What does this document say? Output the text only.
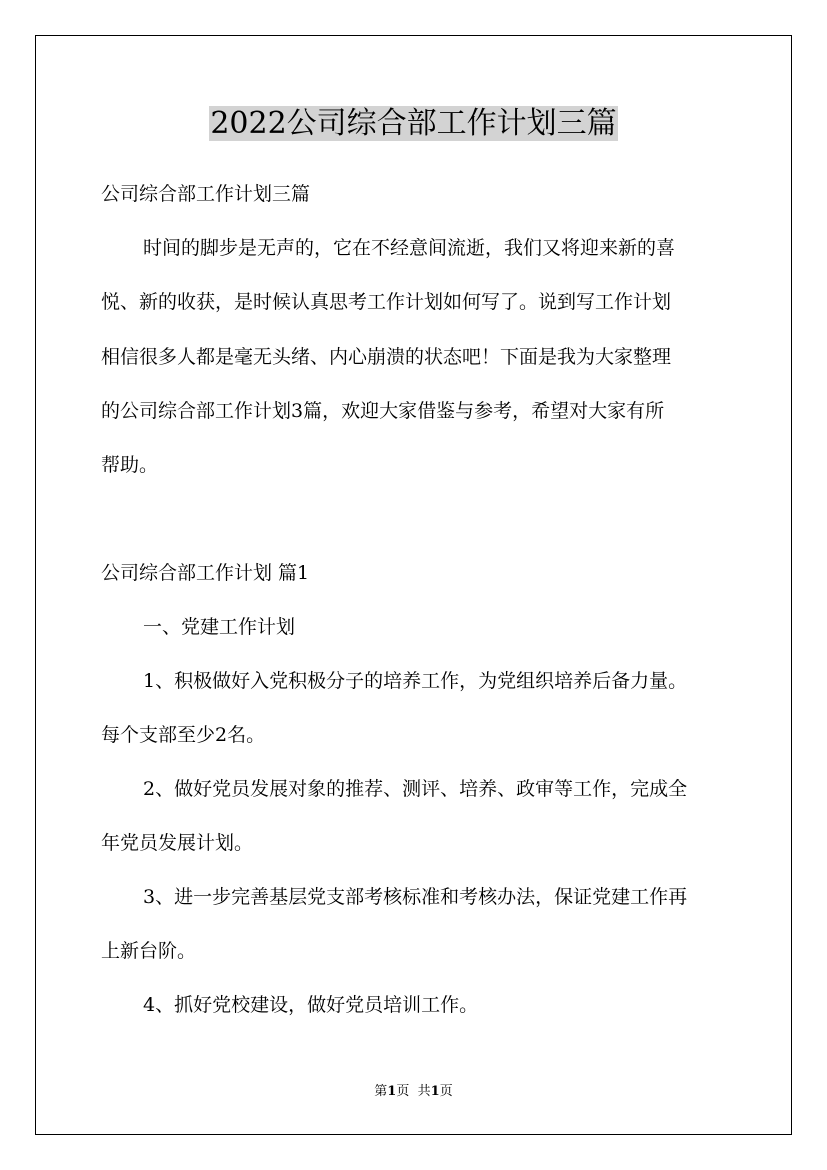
2022公司综合部工作计划三篇

公司综合部工作计划三篇

时间的脚步是无声的，它在不经意间流逝，我们又将迎来新的喜

悦、新的收获，是时候认真思考工作计划如何写了。说到写工作计划

相信很多人都是毫无头绪、内心崩溃的状态吧！下面是我为大家整理

的公司综合部工作计划3篇，欢迎大家借鉴与参考，希望对大家有所

帮助。

公司综合部工作计划 篇1

一、党建工作计划

1、积极做好入党积极分子的培养工作，为党组织培养后备力量。

每个支部至少2名。

2、做好党员发展对象的推荐、测评、培养、政审等工作，完成全

年党员发展计划。

3、进一步完善基层党支部考核标准和考核办法，保证党建工作再

上新台阶。

4、抓好党校建设，做好党员培训工作。

第1页 共1页
